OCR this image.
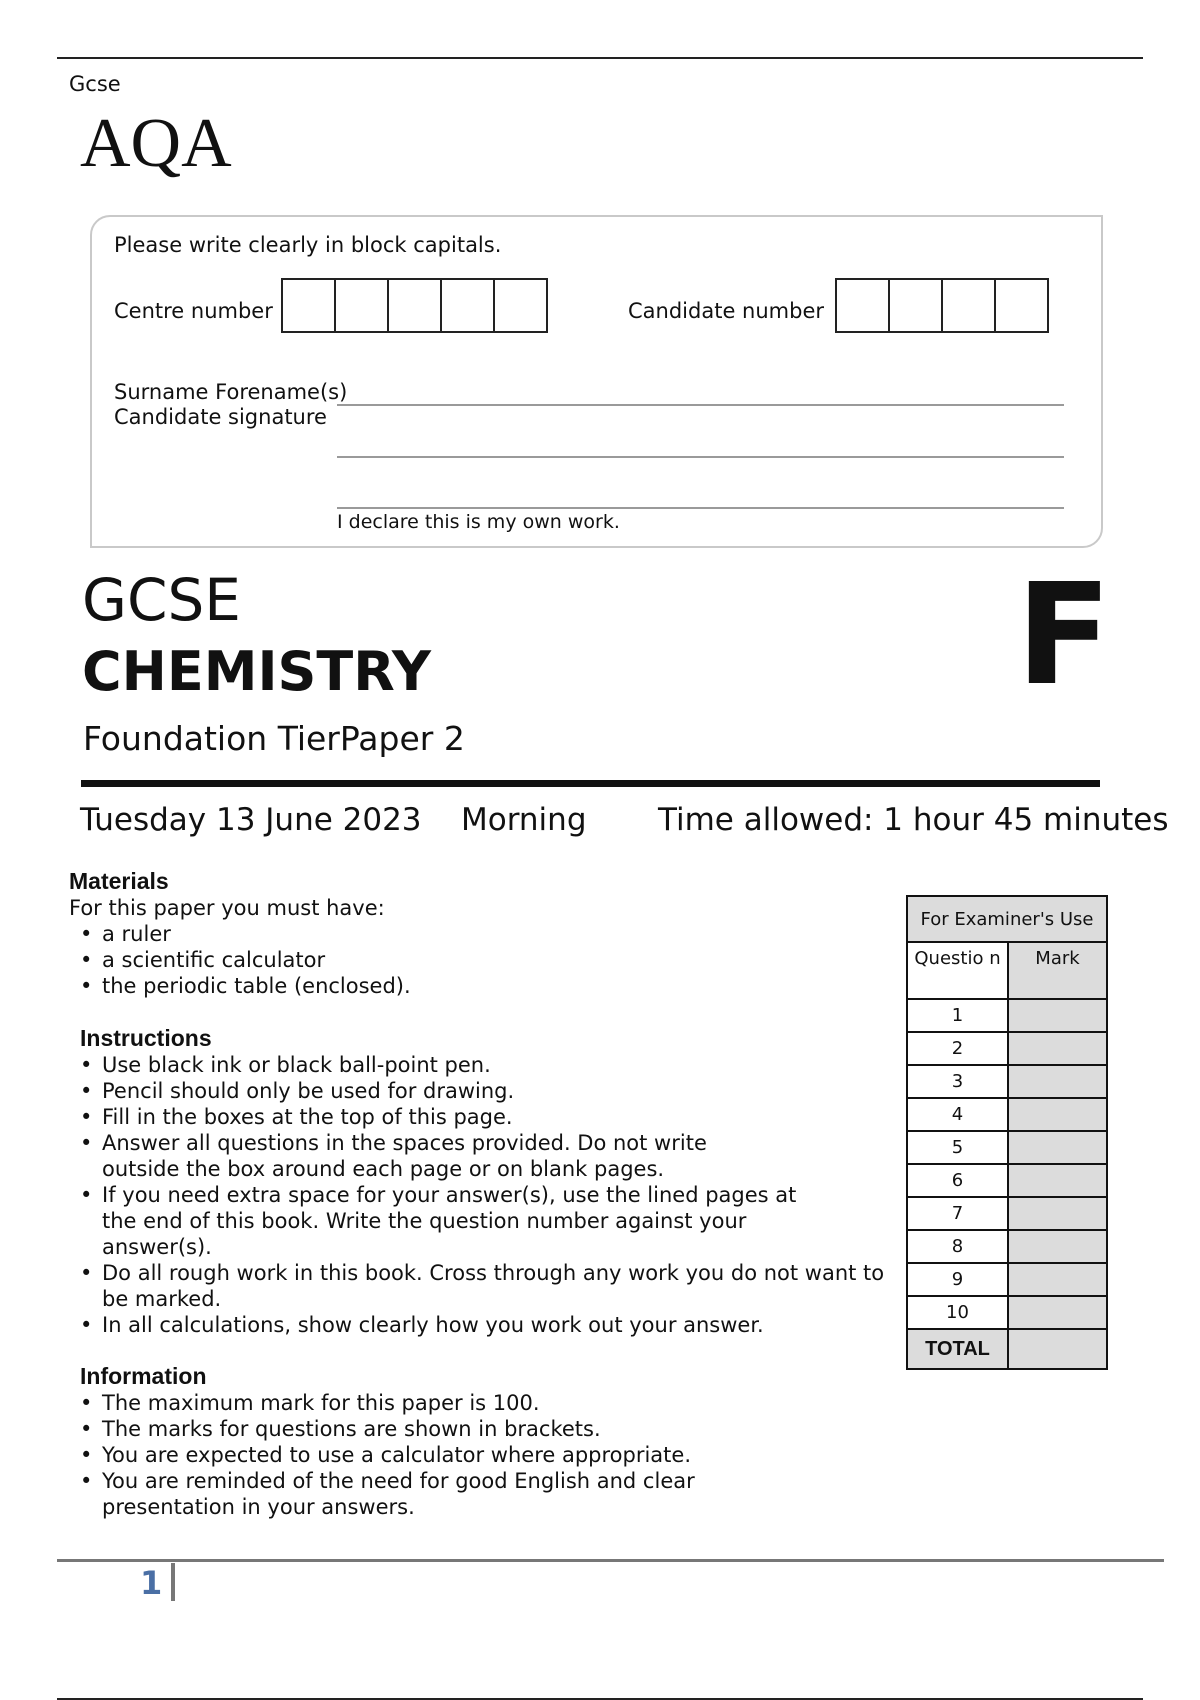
Gcse
AQA
Please write clearly in block capitals.
Centre number	Candidate number
Surname Forename(s)
Candidate signature
I declare this is my own work.
GCSE
CHEMISTRY
Foundation TierPaper 2
F
Tuesday 13 June 2023 Morning Time allowed: 1 hour 45 minutes
Materials
For this paper you must have:
• a ruler
• a scientific calculator
• the periodic table (enclosed).
Instructions
• Use black ink or black ball-point pen.
• Pencil should only be used for drawing.
• Fill in the boxes at the top of this page.
• Answer all questions in the spaces provided. Do not write outside the box around each page or on blank pages.
• If you need extra space for your answer(s), use the lined pages at the end of this book. Write the question number against your answer(s).
• Do all rough work in this book. Cross through any work you do not want to be marked.
• In all calculations, show clearly how you work out your answer.
Information
• The maximum mark for this paper is 100.
• The marks for questions are shown in brackets.
• You are expected to use a calculator where appropriate.
• You are reminded of the need for good English and clear presentation in your answers.
For Examiner's Use	
Questio n	Mark
1	
2	
3	
4	
5	
6	
7	
8	
9	
10	
TOTAL	
1
